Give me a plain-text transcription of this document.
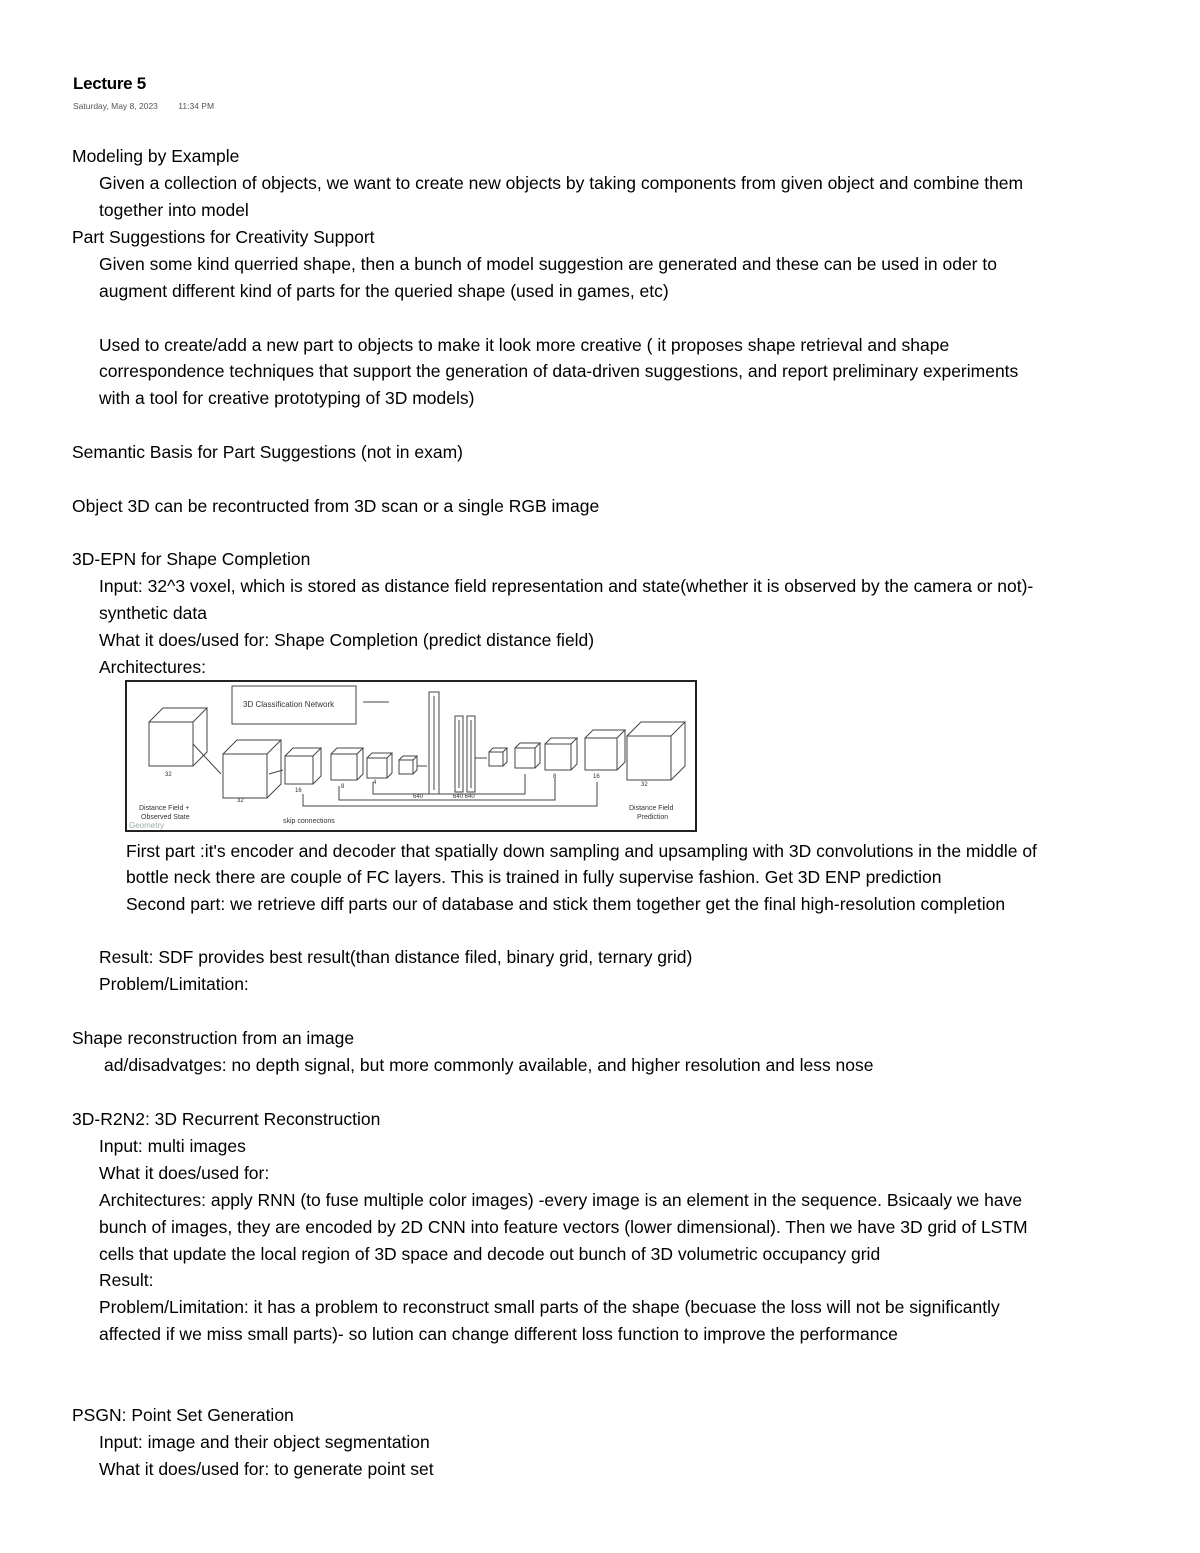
Lecture 5
Saturday, May 8, 2023 11:34 PM
Modeling by Example
Given a collection of objects, we want to create new objects by taking components from given object and combine them
together into model
Part Suggestions for Creativity Support
Given some kind querried shape, then a bunch of model suggestion are generated and these can be used in oder to
augment different kind of parts for the queried shape (used in games, etc)
Used to create/add a new part to objects to make it look more creative ( it proposes shape retrieval and shape
correspondence techniques that support the generation of data-driven suggestions, and report preliminary experiments
with a tool for creative prototyping of 3D models)
Semantic Basis for Part Suggestions (not in exam)
Object 3D can be recontructed from 3D scan or a single RGB image
3D-EPN for Shape Completion
Input: 32^3 voxel, which is stored as distance field representation and state(whether it is observed by the camera or not)-
synthetic data
What it does/used for: Shape Completion (predict distance field)
Architectures:
3D Classification Network
Distance Field +
Observed State
skip connections
Distance Field
Prediction
640	640 640
32
32
16
8
4
8	16
32
Geometry
First part :it's encoder and decoder that spatially down sampling and upsampling with 3D convolutions in the middle of
bottle neck there are couple of FC layers. This is trained in fully supervise fashion. Get 3D ENP prediction
Second part: we retrieve diff parts our of database and stick them together get the final high-resolution completion
Result: SDF provides best result(than distance filed, binary grid, ternary grid)
Problem/Limitation:
Shape reconstruction from an image
ad/disadvatges: no depth signal, but more commonly available, and higher resolution and less nose
3D-R2N2: 3D Recurrent Reconstruction
Input: multi images
What it does/used for:
Architectures: apply RNN (to fuse multiple color images) -every image is an element in the sequence. Bsicaaly we have
bunch of images, they are encoded by 2D CNN into feature vectors (lower dimensional). Then we have 3D grid of LSTM
cells that update the local region of 3D space and decode out bunch of 3D volumetric occupancy grid
Result:
Problem/Limitation: it has a problem to reconstruct small parts of the shape (becuase the loss will not be significantly
affected if we miss small parts)- so lution can change different loss function to improve the performance
PSGN: Point Set Generation
Input: image and their object segmentation
What it does/used for: to generate point set
